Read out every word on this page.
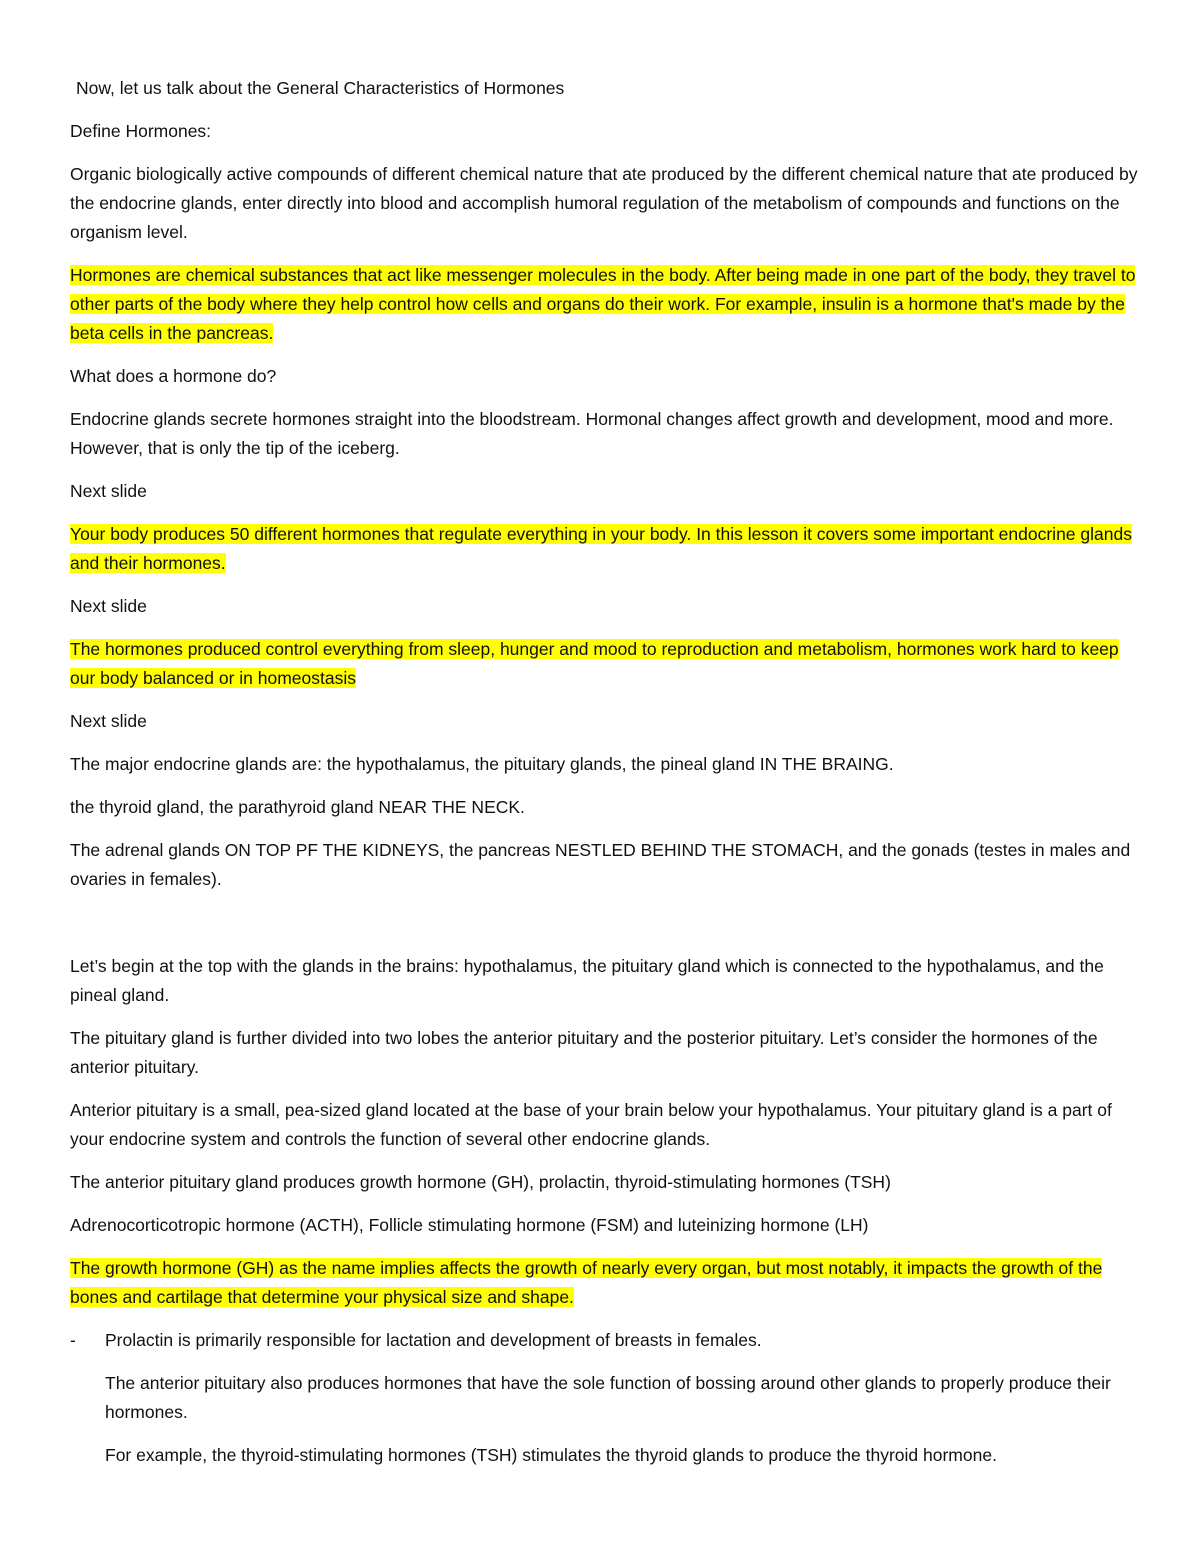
Now, let us talk about the General Characteristics of Hormones

Define Hormones:

Organic biologically active compounds of different chemical nature that ate produced by the different chemical nature that ate produced by the endocrine glands, enter directly into blood and accomplish humoral regulation of the metabolism of compounds and functions on the organism level.

Hormones are chemical substances that act like messenger molecules in the body. After being made in one part of the body, they travel to other parts of the body where they help control how cells and organs do their work. For example, insulin is a hormone that's made by the beta cells in the pancreas.

What does a hormone do?

Endocrine glands secrete hormones straight into the bloodstream. Hormonal changes affect growth and development, mood and more. However, that is only the tip of the iceberg.

Next slide

Your body produces 50 different hormones that regulate everything in your body. In this lesson it covers some important endocrine glands and their hormones.

Next slide

The hormones produced control everything from sleep, hunger and mood to reproduction and metabolism, hormones work hard to keep our body balanced or in homeostasis

Next slide

The major endocrine glands are: the hypothalamus, the pituitary glands, the pineal gland IN THE BRAING.

the thyroid gland, the parathyroid gland NEAR THE NECK.

The adrenal glands ON TOP PF THE KIDNEYS, the pancreas NESTLED BEHIND THE STOMACH, and the gonads (testes in males and ovaries in females).

Let’s begin at the top with the glands in the brains: hypothalamus, the pituitary gland which is connected to the hypothalamus, and the pineal gland.

The pituitary gland is further divided into two lobes the anterior pituitary and the posterior pituitary. Let’s consider the hormones of the anterior pituitary.

Anterior pituitary is a small, pea-sized gland located at the base of your brain below your hypothalamus. Your pituitary gland is a part of your endocrine system and controls the function of several other endocrine glands.

The anterior pituitary gland produces growth hormone (GH), prolactin, thyroid-stimulating hormones (TSH)

Adrenocorticotropic hormone (ACTH), Follicle stimulating hormone (FSM) and luteinizing hormone (LH)

The growth hormone (GH) as the name implies affects the growth of nearly every organ, but most notably, it impacts the growth of the bones and cartilage that determine your physical size and shape.

- Prolactin is primarily responsible for lactation and development of breasts in females.

The anterior pituitary also produces hormones that have the sole function of bossing around other glands to properly produce their hormones.

For example, the thyroid-stimulating hormones (TSH) stimulates the thyroid glands to produce the thyroid hormone.
